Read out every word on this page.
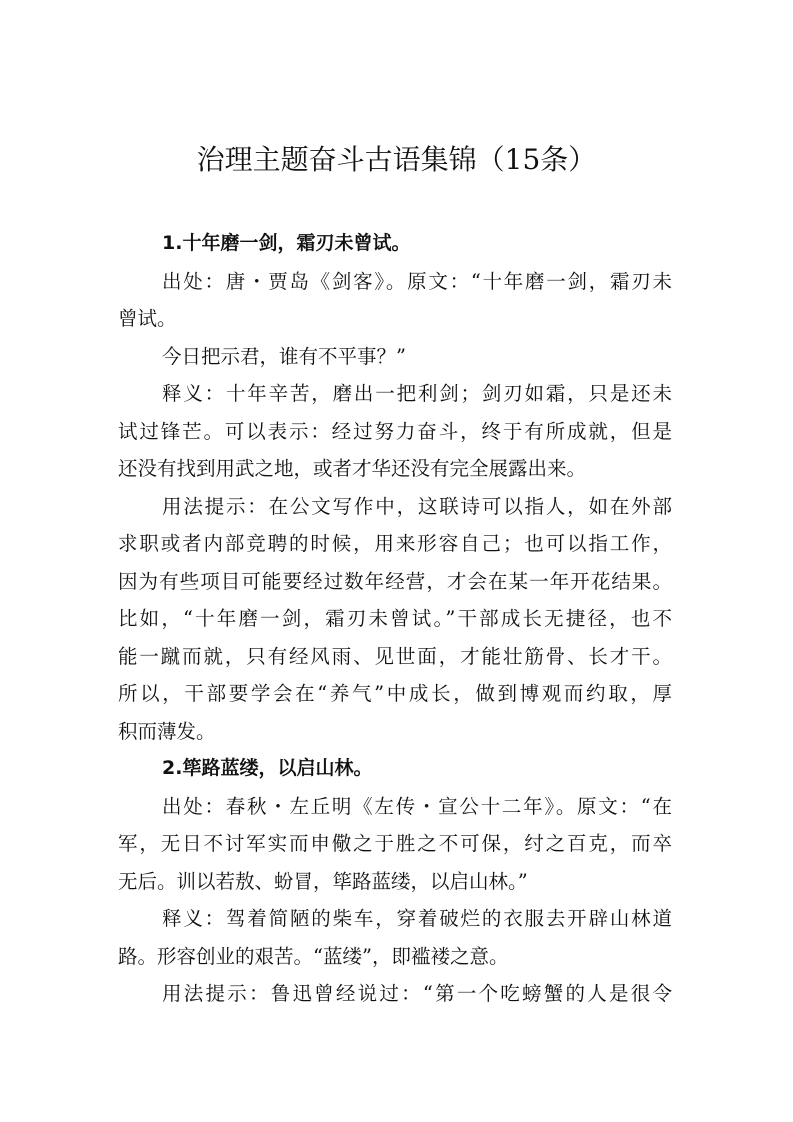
治理主题奋斗古语集锦（15条）
1.十年磨一剑，霜刃未曾试。
出处：唐・贾岛《剑客》。原文：“十年磨一剑，霜刃未
曾试。
今日把示君，谁有不平事？”
释义：十年辛苦，磨出一把利剑；剑刃如霜，只是还未
试过锋芒。可以表示：经过努力奋斗，终于有所成就，但是
还没有找到用武之地，或者才华还没有完全展露出来。
用法提示：在公文写作中，这联诗可以指人，如在外部
求职或者内部竞聘的时候，用来形容自己；也可以指工作，
因为有些项目可能要经过数年经营，才会在某一年开花结果。
比如，“十年磨一剑，霜刃未曾试。”干部成长无捷径，也不
能一蹴而就，只有经风雨、见世面，才能壮筋骨、长才干。
所以，干部要学会在“养气”中成长，做到博观而约取，厚
积而薄发。
2.筚路蓝缕，以启山林。
出处：春秋・左丘明《左传・宣公十二年》。原文：“在
军，无日不讨军实而申儆之于胜之不可保，纣之百克，而卒
无后。训以若敖、蚡冒，筚路蓝缕，以启山林。”
释义：驾着简陋的柴车，穿着破烂的衣服去开辟山林道
路。形容创业的艰苦。“蓝缕”，即褴褛之意。
用法提示：鲁迅曾经说过：“第一个吃螃蟹的人是很令
